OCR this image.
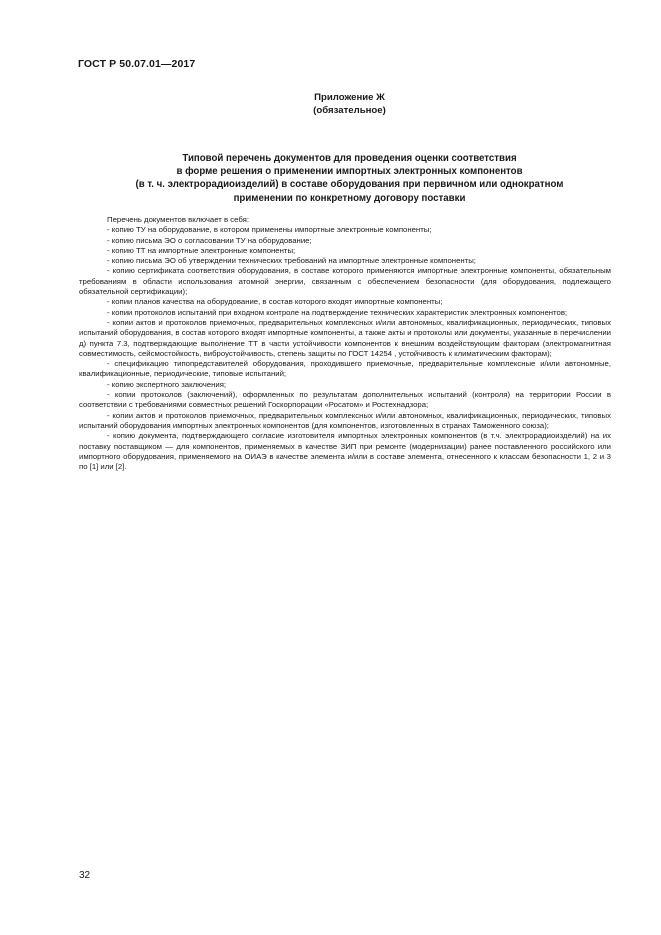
ГОСТ Р 50.07.01—2017
Приложение Ж
(обязательное)
Типовой перечень документов для проведения оценки соответствия
в форме решения о применении импортных электронных компонентов
(в т. ч. электрорадиоизделий) в составе оборудования при первичном или однократном
применении по конкретному договору поставки

Перечень документов включает в себя:

- копию ТУ на оборудование, в котором применены импортные электронные компоненты;

- копию письма ЭО о согласовании ТУ на оборудование;

- копию ТТ на импортные электронные компоненты;

- копию письма ЭО об утверждении технических требований на импортные электронные компоненты;

- копию сертификата соответствия оборудования, в составе которого применяются импортные электронные компоненты, обязательным требованиям в области использования атомной энергии, связанным с обеспечением безопасности (для оборудования, подлежащего обязательной сертификации);

- копии планов качества на оборудование, в состав которого входят импортные компоненты;

- копии протоколов испытаний при входном контроле на подтверждение технических характеристик электронных компонентов;

- копии актов и протоколов приемочных, предварительных комплексных и/или автономных, квалификационных, периодических, типовых испытаний оборудования, в состав которого входят импортные компоненты, а также акты и протоколы или документы, указанные в перечислении д) пункта 7.3, подтверждающие выполнение ТТ в части устойчивости компонентов к внешним воздействующим факторам (электромагнитная совместимость, сейсмостойкость, виброустойчивость, степень защиты по ГОСТ 14254 , устойчивость к климатическим факторам);

- спецификацию типопредставителей оборудования, проходившего приемочные, предварительные комплексные и/или автономные, квалификационные, периодические, типовые испытаний;

- копию экспертного заключения;

- копии протоколов (заключений), оформленных по результатам дополнительных испытаний (контроля) на территории России в соответствии с требованиями совместных решений Госкорпорации «Росатом» и Ростехнадзора;

- копии актов и протоколов приемочных, предварительных комплексных и/или автономных, квалификационных, периодических, типовых испытаний оборудования импортных электронных компонентов (для компонентов, изготовленных в странах Таможенного союза);

- копию документа, подтверждающего согласие изготовителя импортных электронных компонентов (в т.ч. электрорадиоизделий) на их поставку поставщиком — для компонентов, применяемых в качестве ЗИП при ремонте (модернизации) ранее поставленного российского или импортного оборудования, применяемого на ОИАЭ в качестве элемента и/или в составе элемента, отнесенного к классам безопасности 1, 2 и 3 по [1] или [2].

32
